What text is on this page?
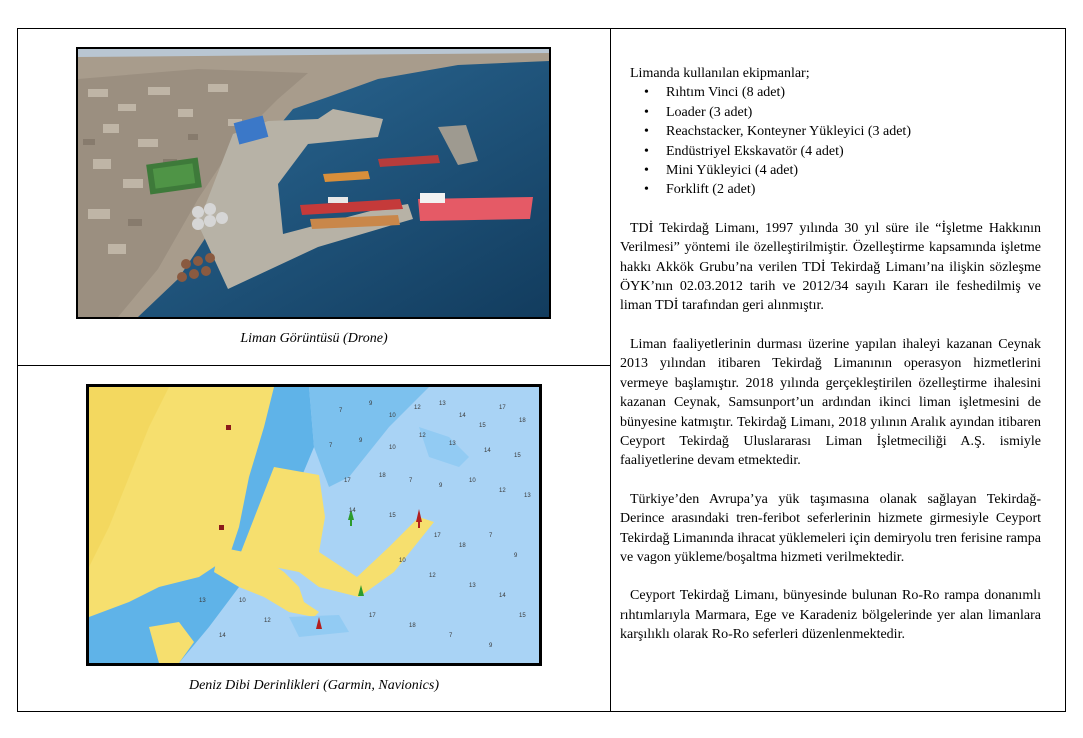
Liman Görüntüsü (Drone)
7
9
10
12
13
14
15
17
18
7
9
10
12
13
14
15
17
18
7
9
10
12
13
14
15
17
18
7
9
10
12
13
14
15
17
18
7
9
10
12
13
14
Deniz Dibi Derinlikleri (Garmin, Navionics)

Limanda kullanılan ekipmanlar;

• Rıhtım Vinci (8 adet)
• Loader (3 adet)
• Reachstacker, Konteyner Yükleyici (3 adet)
• Endüstriyel Ekskavatör (4 adet)
• Mini Yükleyici (4 adet)
• Forklift (2 adet)

TDİ Tekirdağ Limanı, 1997 yılında 30 yıl süre ile “İşletme Hakkının Verilmesi” yöntemi ile özelleştirilmiştir. Özelleştirme kapsamında işletme hakkı Akkök Grubu’na verilen TDİ Tekirdağ Limanı’na ilişkin sözleşme ÖYK’nın 02.03.2012 tarih ve 2012/34 sayılı Kararı ile feshedilmiş ve liman TDİ tarafından geri alınmıştır.

Liman faaliyetlerinin durması üzerine yapılan ihaleyi kazanan Ceynak 2013 yılından itibaren Tekirdağ Limanının operasyon hizmetlerini vermeye başlamıştır. 2018 yılında gerçekleştirilen özelleştirme ihalesini kazanan Ceynak, Samsunport’un ardından ikinci liman işletmesini de bünyesine katmıştır. Tekirdağ Limanı, 2018 yılının Aralık ayından itibaren Ceyport Tekirdağ Uluslararası Liman İşletmeciliği A.Ş. ismiyle faaliyetlerine devam etmektedir.

Türkiye’den Avrupa’ya yük taşımasına olanak sağlayan Tekirdağ-Derince arasındaki tren-feribot seferlerinin hizmete girmesiyle Ceyport Tekirdağ Limanında ihracat yüklemeleri için demiryolu tren ferisine rampa ve vagon yükleme/boşaltma hizmeti verilmektedir.

Ceyport Tekirdağ Limanı, bünyesinde bulunan Ro-Ro rampa donanımlı rıhtımlarıyla Marmara, Ege ve Karadeniz bölgelerinde yer alan limanlara karşılıklı olarak Ro-Ro seferleri düzenlenmektedir.
